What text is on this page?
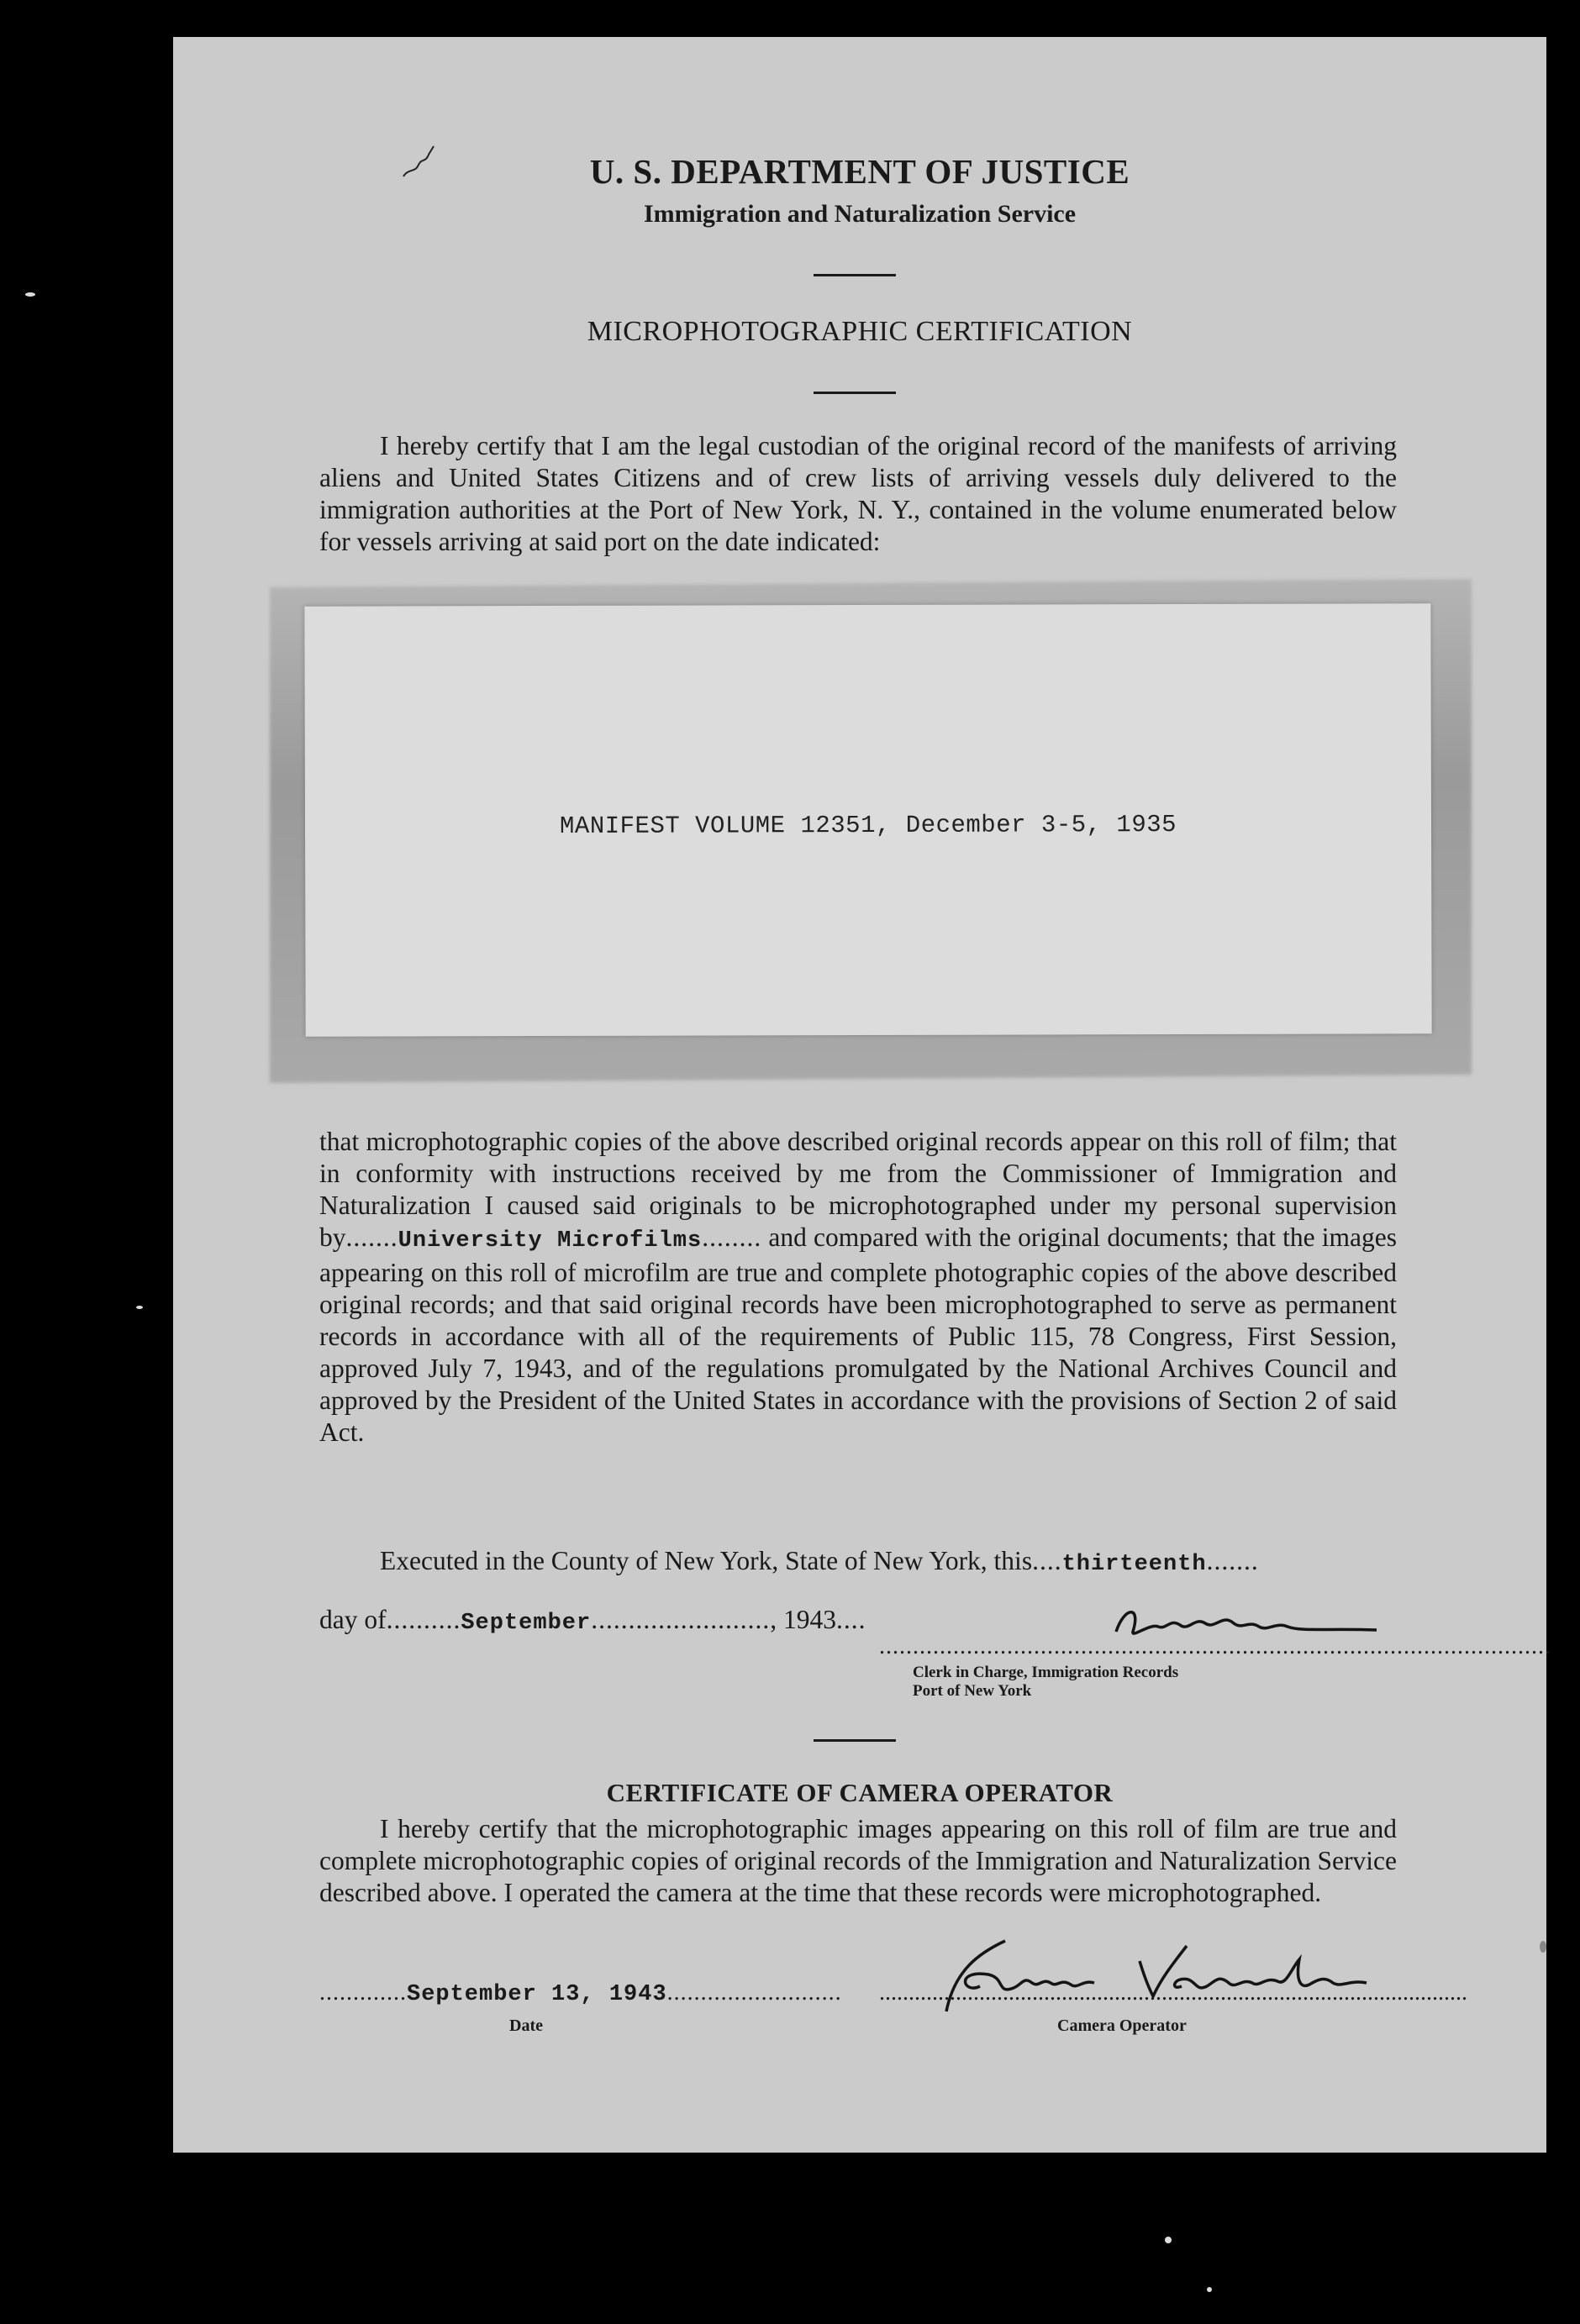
U. S. DEPARTMENT OF JUSTICE
Immigration and Naturalization Service
MICROPHOTOGRAPHIC CERTIFICATION
I hereby certify that I am the legal custodian of the original record of the manifests of arriving aliens and United States Citizens and of crew lists of arriving vessels duly delivered to the immigration authorities at the Port of New York, N. Y., contained in the volume enumerated below for vessels arriving at said port on the date indicated:
MANIFEST VOLUME 12351, December 3-5, 1935
that microphotographic copies of the above described original records appear on this roll of film; that in conformity with instructions received by me from the Commissioner of Immigration and Naturalization I caused said originals to be microphotographed under my personal supervision by.......University Microfilms........ and compared with the original documents; that the images appearing on this roll of microfilm are true and complete photographic copies of the above described original records; and that said original records have been microphotographed to serve as permanent records in accordance with all of the requirements of Public 115, 78 Congress, First Session, approved July 7, 1943, and of the regulations promulgated by the National Archives Council and approved by the President of the United States in accordance with the provisions of Section 2 of said Act.
Executed in the County of New York, State of New York, this....thirteenth.......
day of..........September........................, 1943....
....................................................................................................
Clerk in Charge, Immigration Records
Port of New York
CERTIFICATE OF CAMERA OPERATOR
I hereby certify that the microphotographic images appearing on this roll of film are true and complete microphotographic copies of original records of the Immigration and Naturalization Service described above. I operated the camera at the time that these records were microphotographed.
.............September 13, 1943..........................
Date
....................................................................................................
Camera Operator
